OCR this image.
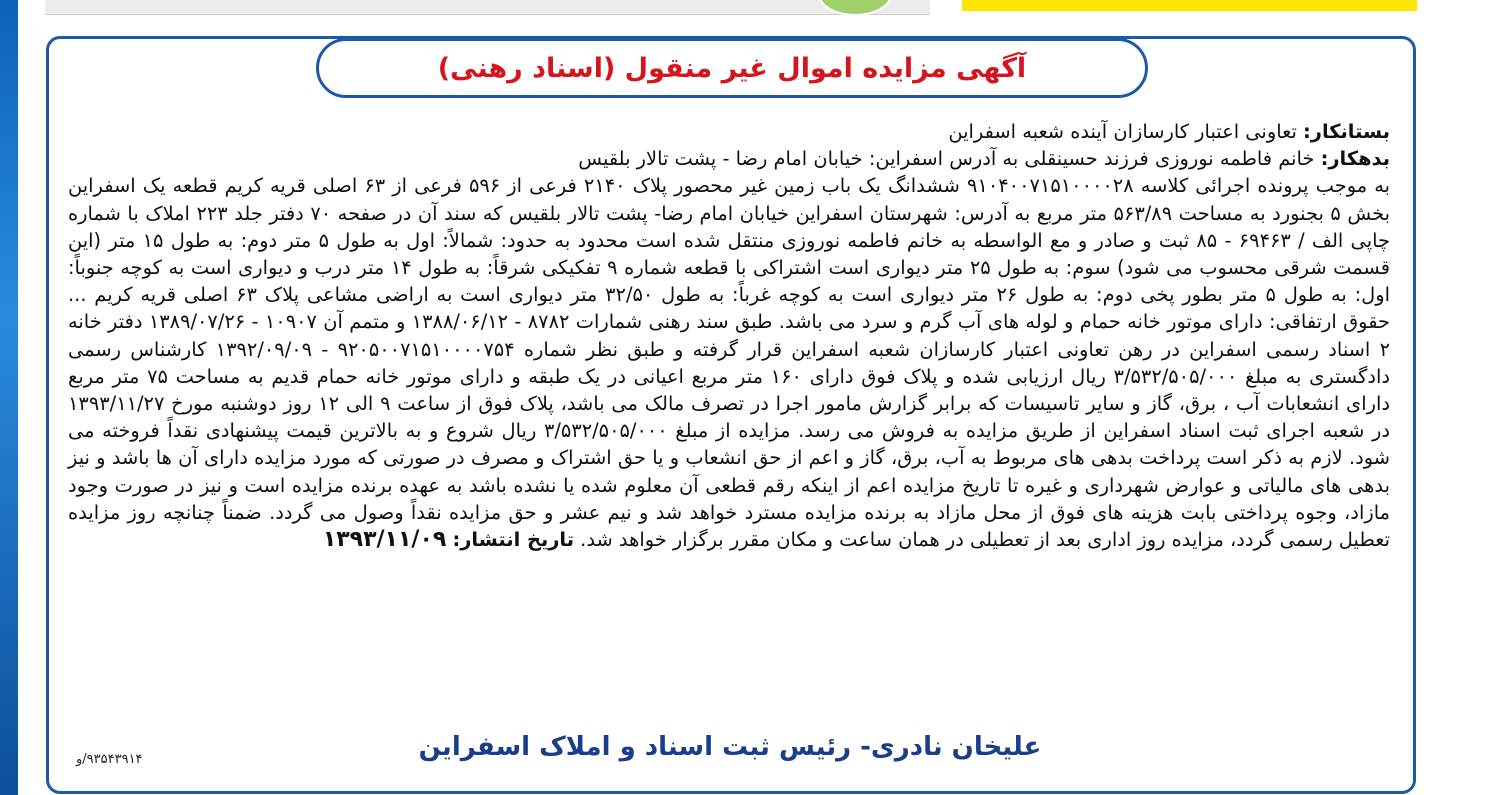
آگهی مزایده اموال غیر منقول (اسناد رهنی)

بستانکار: تعاونی اعتبار کارسازان آینده شعبه اسفراین

بدهکار: خانم فاطمه نوروزی فرزند حسینقلی به آدرس اسفراین: خیابان امام رضا - پشت تالار بلقیس

به موجب پرونده اجرائی کلاسه ۹۱۰۴۰۰۷۱۵۱۰۰۰۰۲۸ ششدانگ یک باب زمین غیر محصور پلاک ۲۱۴۰ فرعی از ۵۹۶ فرعی از ۶۳ اصلی قریه کریم قطعه یک اسفراین بخش ۵ بجنورد به مساحت ۵۶۳/۸۹ متر مربع به آدرس: شهرستان اسفراین خیابان امام رضا- پشت تالار بلقیس که سند آن در صفحه ۷۰ دفتر جلد ۲۲۳ املاک با شماره چاپی الف / ۶۹۴۶۳ - ۸۵ ثبت و صادر و مع الواسطه به خانم فاطمه نوروزی منتقل شده است محدود به حدود: شمالاً: اول به طول ۵ متر دوم: به طول ۱۵ متر (این قسمت شرقی محسوب می شود) سوم: به طول ۲۵ متر دیواری است اشتراکی با قطعه شماره ۹ تفکیکی شرقاً: به طول ۱۴ متر درب و دیواری است به کوچه جنوباً: اول: به طول ۵ متر بطور پخی دوم: به طول ۲۶ متر دیواری است به کوچه غرباً: به طول ۳۲/۵۰ متر دیواری است به اراضی مشاعی پلاک ۶۳ اصلی قریه کریم ... حقوق ارتفاقی: دارای موتور خانه حمام و لوله های آب گرم و سرد می باشد. طبق سند رهنی شمارات ۸۷۸۲ - ۱۳۸۸/۰۶/۱۲ و متمم آن ۱۰۹۰۷ - ۱۳۸۹/۰۷/۲۶ دفتر خانه ۲ اسناد رسمی اسفراین در رهن تعاونی اعتبار کارسازان شعبه اسفراین قرار گرفته و طبق نظر شماره ۹۲۰۵۰۰۷۱۵۱۰۰۰۰۷۵۴ - ۱۳۹۲/۰۹/۰۹ کارشناس رسمی دادگستری به مبلغ ۳/۵۳۲/۵۰۵/۰۰۰ ریال ارزیابی شده و پلاک فوق دارای ۱۶۰ متر مربع اعیانی در یک طبقه و دارای موتور خانه حمام قدیم به مساحت ۷۵ متر مربع دارای انشعابات آب ، برق، گاز و سایر تاسیسات که برابر گزارش مامور اجرا در تصرف مالک می باشد، پلاک فوق از ساعت ۹ الی ۱۲ روز دوشنبه مورخ ۱۳۹۳/۱۱/۲۷ در شعبه اجرای ثبت اسناد اسفراین از طریق مزایده به فروش می رسد. مزایده از مبلغ ۳/۵۳۲/۵۰۵/۰۰۰ ریال شروع و به بالاترین قیمت پیشنهادی نقداً فروخته می شود. لازم به ذکر است پرداخت بدهی های مربوط به آب، برق، گاز و اعم از حق انشعاب و یا حق اشتراک و مصرف در صورتی که مورد مزایده دارای آن ها باشد و نیز بدهی های مالیاتی و عوارض شهرداری و غیره تا تاریخ مزایده اعم از اینکه رقم قطعی آن معلوم شده یا نشده باشد به عهده برنده مزایده است و نیز در صورت وجود مازاد، وجوه پرداختی بابت هزینه های فوق از محل مازاد به برنده مزایده مسترد خواهد شد و نیم عشر و حق مزایده نقداً وصول می گردد. ضمناً چنانچه روز مزایده تعطیل رسمی گردد، مزایده روز اداری بعد از تعطیلی در همان ساعت و مکان مقرر برگزار خواهد شد. تاریخ انتشار: ۱۳۹۳/۱۱/۰۹

علیخان نادری- رئیس ثبت اسناد و املاک اسفراین
۹۳۵۴۳۹۱۴/و
